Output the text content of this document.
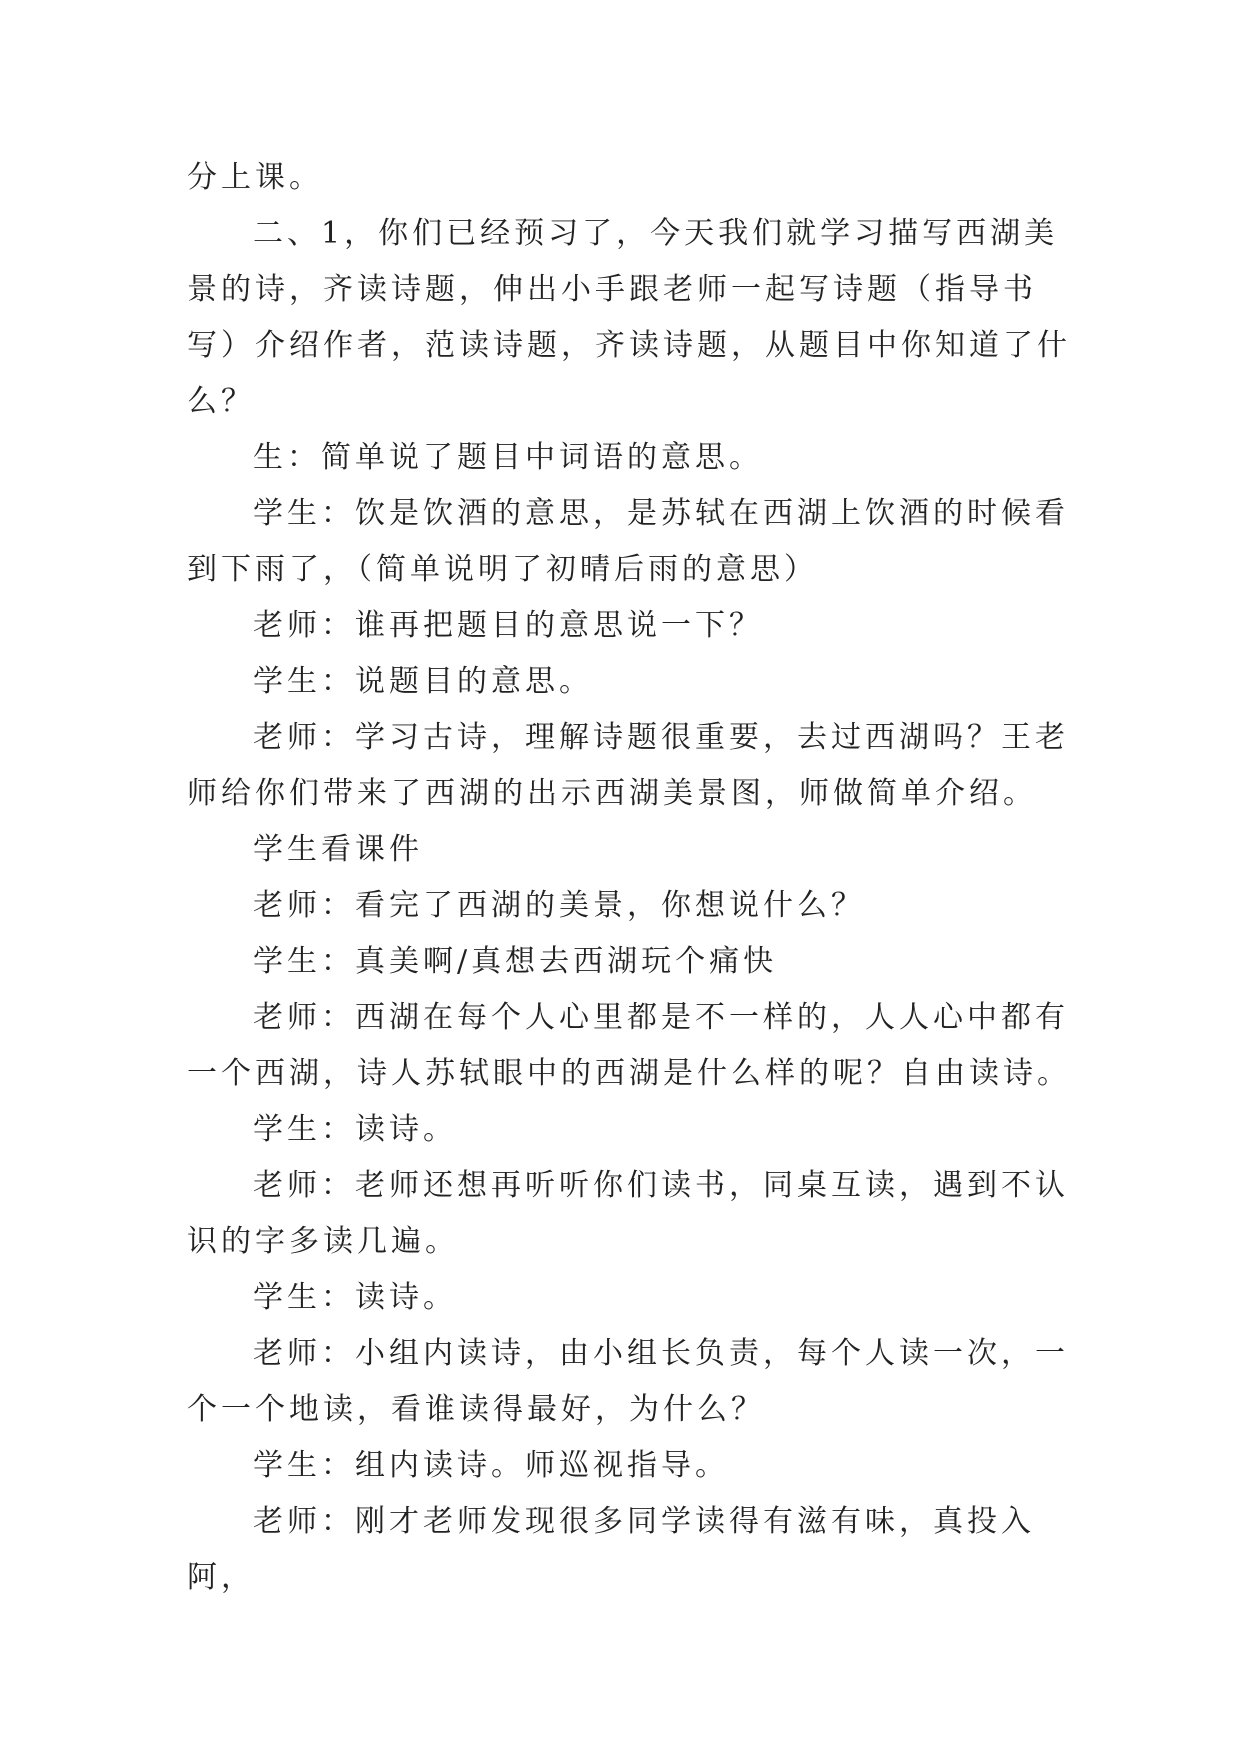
分上课。

二、1，你们已经预习了，今天我们就学习描写西湖美景的诗，齐读诗题，伸出小手跟老师一起写诗题（指导书写）介绍作者，范读诗题，齐读诗题，从题目中你知道了什么？

生：简单说了题目中词语的意思。

学生：饮是饮酒的意思，是苏轼在西湖上饮酒的时候看到下雨了，（简单说明了初晴后雨的意思）

老师：谁再把题目的意思说一下？

学生：说题目的意思。

老师：学习古诗，理解诗题很重要，去过西湖吗？王老师给你们带来了西湖的出示西湖美景图，师做简单介绍。

学生看课件

老师：看完了西湖的美景，你想说什么？

学生：真美啊/真想去西湖玩个痛快

老师：西湖在每个人心里都是不一样的，人人心中都有一个西湖，诗人苏轼眼中的西湖是什么样的呢？自由读诗。

学生：读诗。

老师：老师还想再听听你们读书，同桌互读，遇到不认识的字多读几遍。

学生：读诗。

老师：小组内读诗，由小组长负责，每个人读一次，一个一个地读，看谁读得最好，为什么？

学生：组内读诗。师巡视指导。

老师：刚才老师发现很多同学读得有滋有味，真投入阿，
